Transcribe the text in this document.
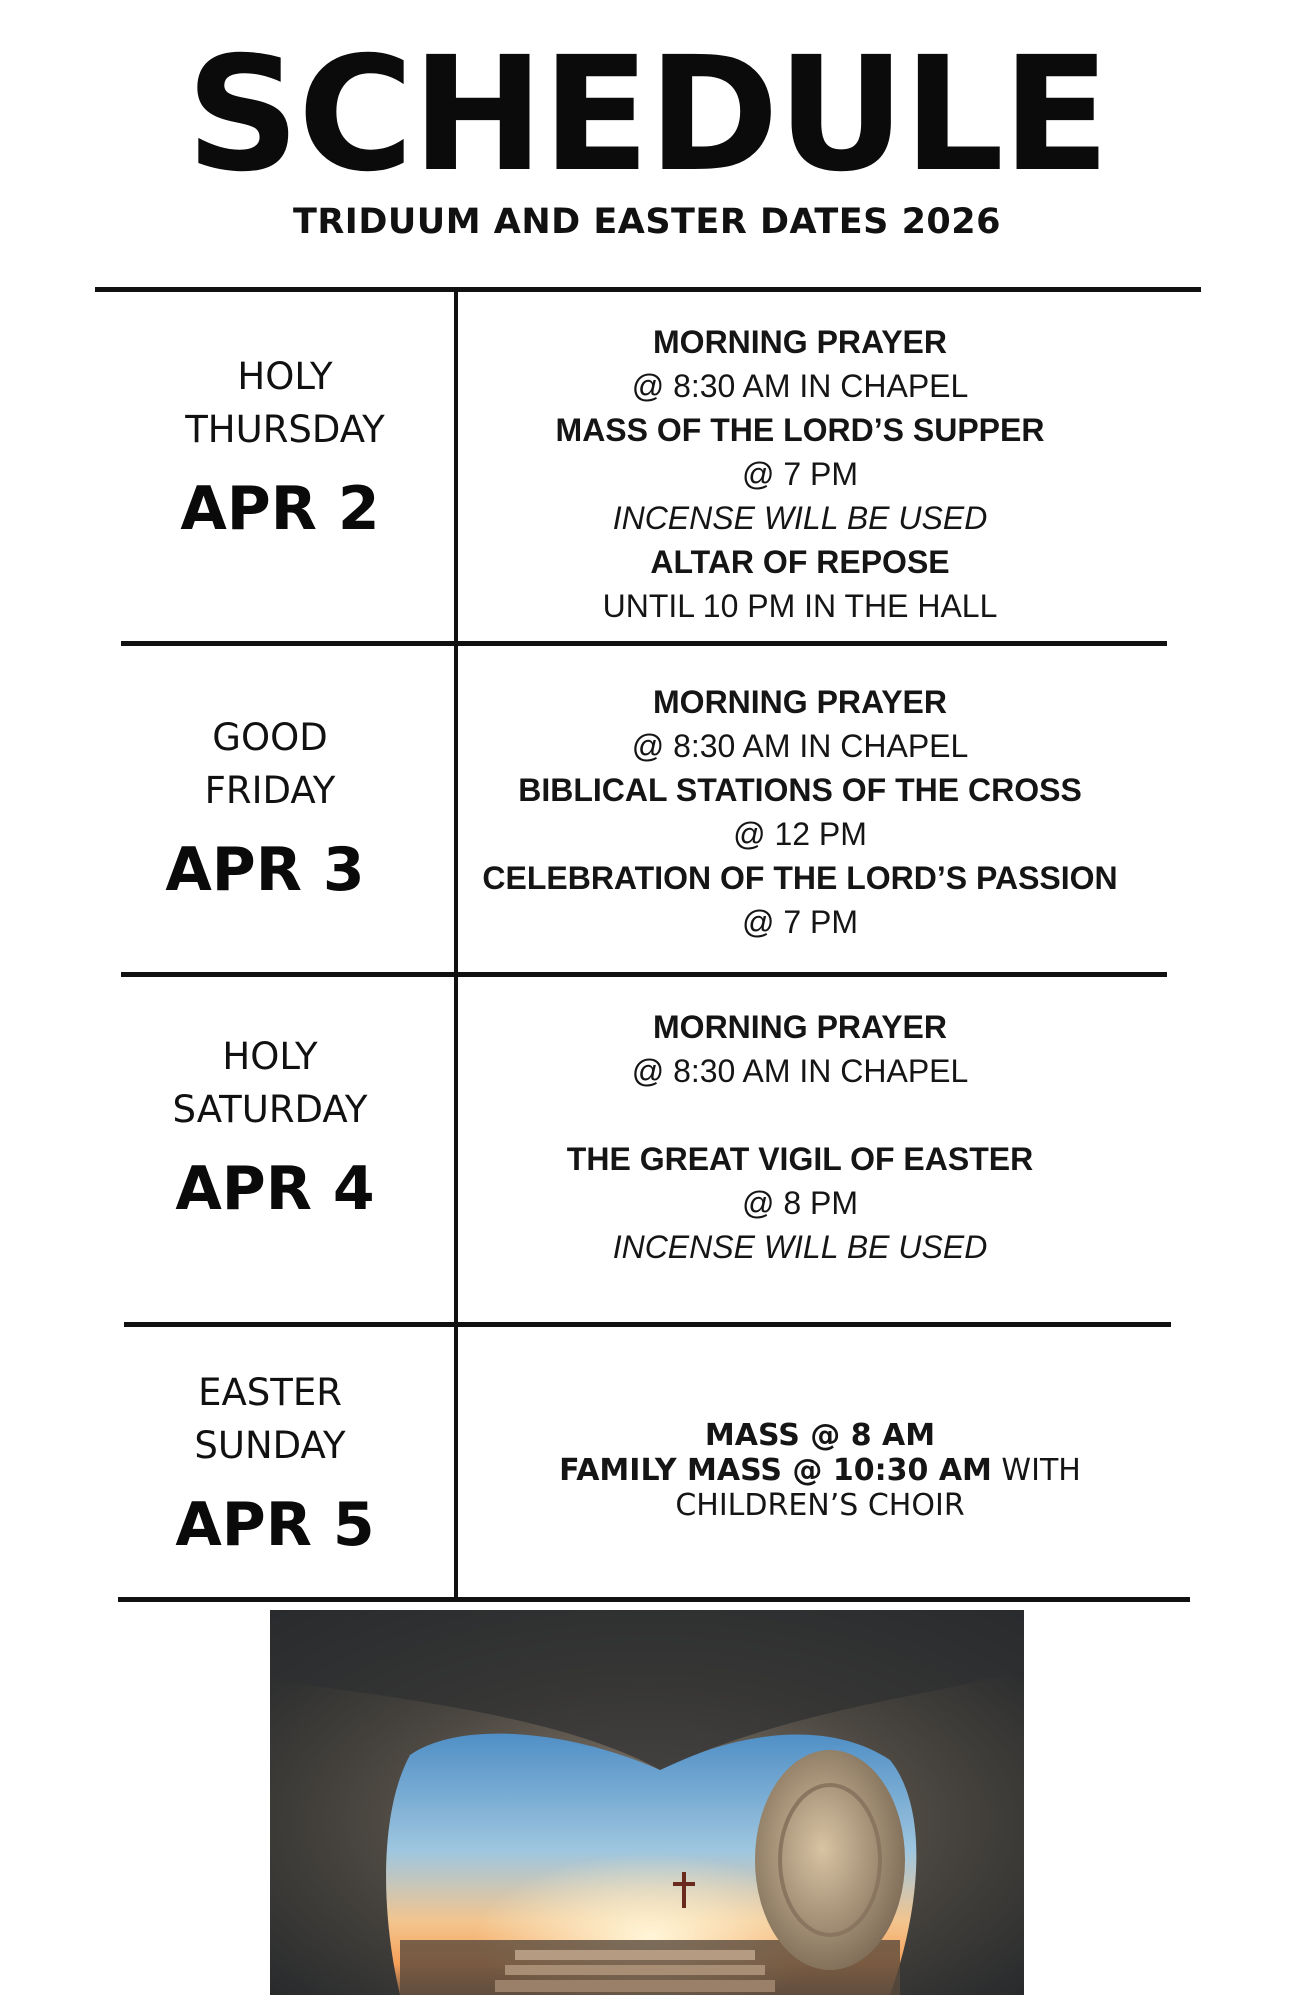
SCHEDULE
TRIDUUM AND EASTER DATES 2026
HOLY
THURSDAY
APR 2
MORNING PRAYER
@ 8:30 AM IN CHAPEL
MASS OF THE LORD’S SUPPER
@ 7 PM
INCENSE WILL BE USED
ALTAR OF REPOSE
UNTIL 10 PM IN THE HALL
GOOD
FRIDAY
APR 3
MORNING PRAYER
@ 8:30 AM IN CHAPEL
BIBLICAL STATIONS OF THE CROSS
@ 12 PM
CELEBRATION OF THE LORD’S PASSION
@ 7 PM
HOLY
SATURDAY
APR 4
MORNING PRAYER
@ 8:30 AM IN CHAPEL
THE GREAT VIGIL OF EASTER
@ 8 PM
INCENSE WILL BE USED
EASTER
SUNDAY
APR 5
MASS @ 8 AM
FAMILY MASS @ 10:30 AM WITH
CHILDREN’S CHOIR
